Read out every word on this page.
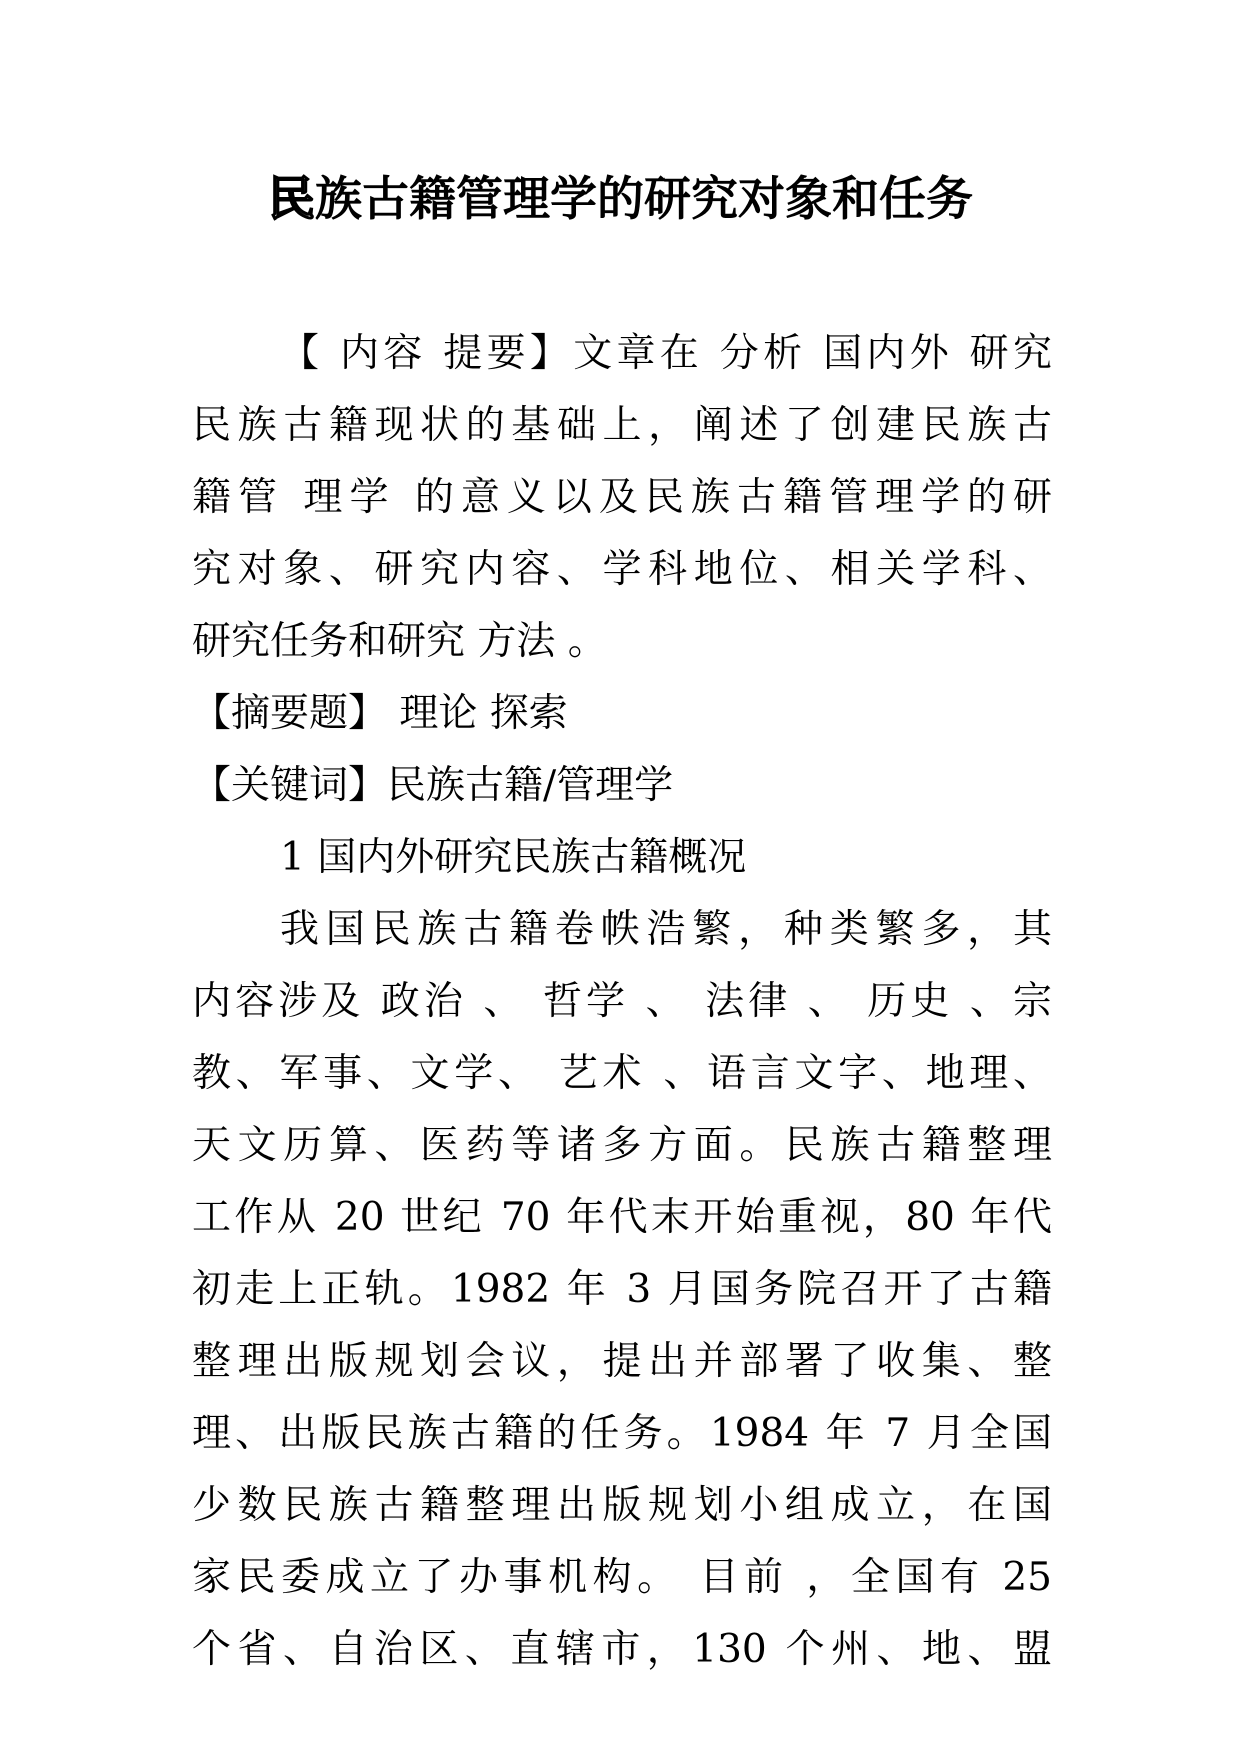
民族古籍管理学的研究对象和任务
【 内容 提要】文章在 分析 国内外 研究
民族古籍现状的基础上，阐述了创建民族古
籍管 理学 的意义以及民族古籍管理学的研
究对象、研究内容、学科地位、相关学科、
研究任务和研究 方法 。
【摘要题】 理论 探索
【关键词】民族古籍/管理学
1 国内外研究民族古籍概况
我国民族古籍卷帙浩繁，种类繁多，其
内容涉及 政治 、 哲学 、 法律 、 历史 、宗
教、军事、文学、 艺术 、语言文字、地理、
天文历算、医药等诸多方面。民族古籍整理
工作从 20 世纪 70 年代末开始重视，80 年代
初走上正轨。1982 年 3 月国务院召开了古籍
整理出版规划会议，提出并部署了收集、整
理、出版民族古籍的任务。1984 年 7 月全国
少数民族古籍整理出版规划小组成立，在国
家民委成立了办事机构。 目前 ，全国有 25
个省、自治区、直辖市，130 个州、地、盟
